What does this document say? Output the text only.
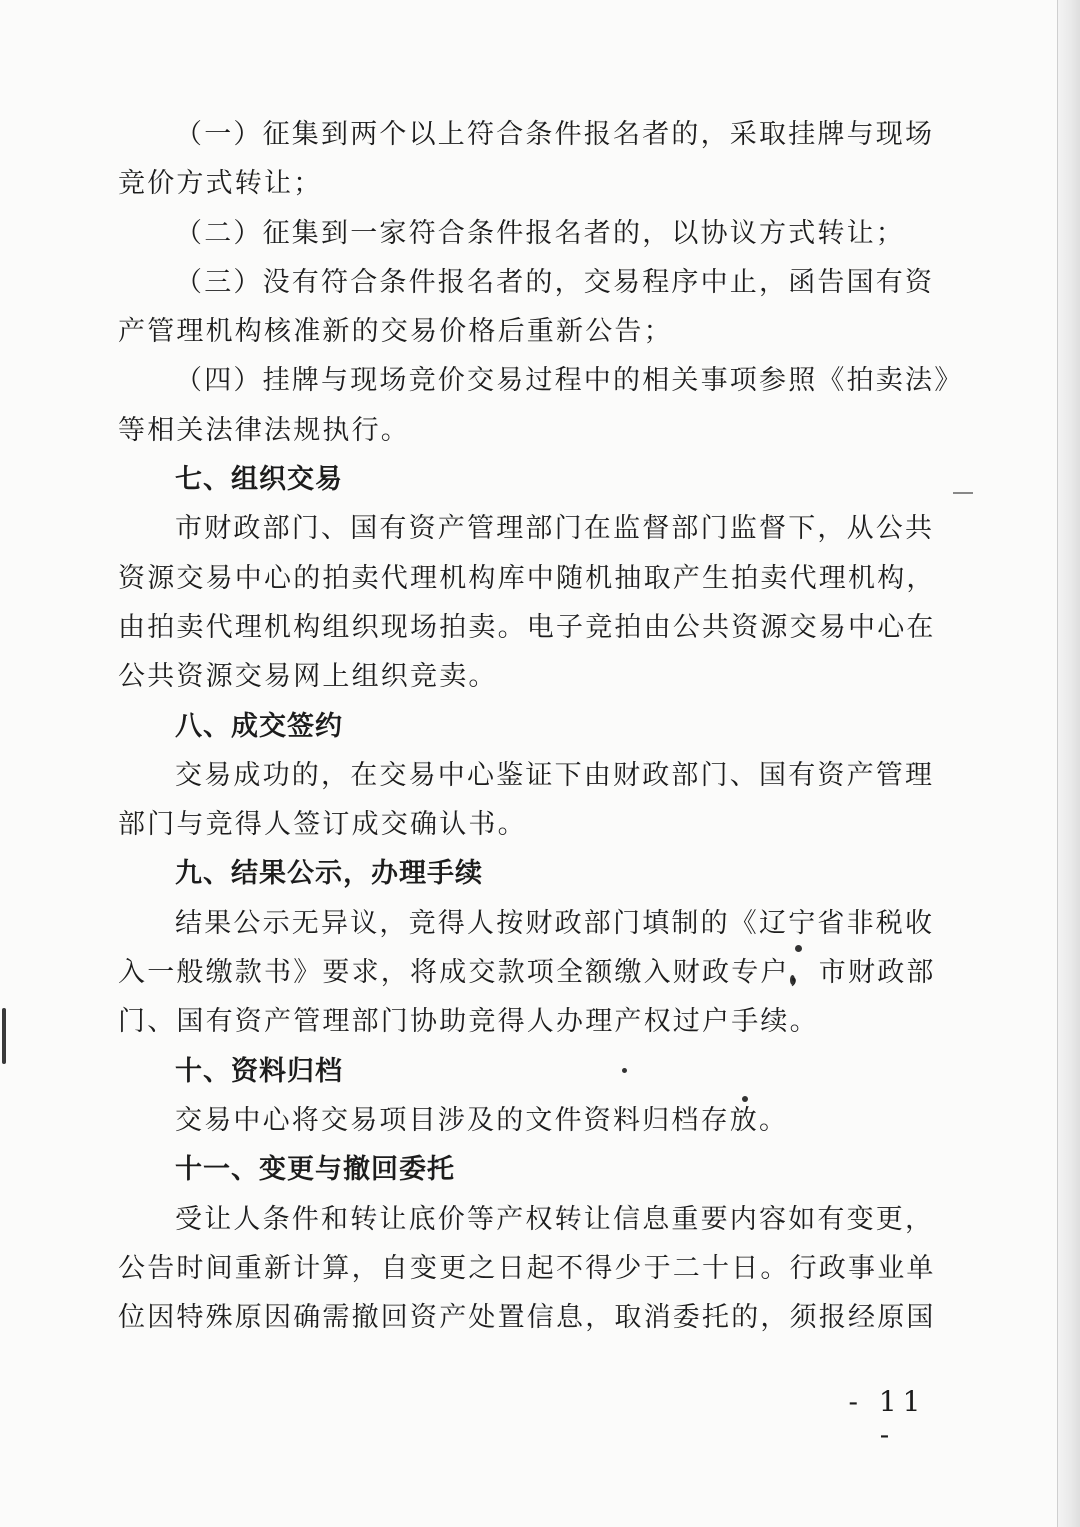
（一）征集到两个以上符合条件报名者的，采取挂牌与现场
竞价方式转让；
（二）征集到一家符合条件报名者的，以协议方式转让；
（三）没有符合条件报名者的，交易程序中止，函告国有资
产管理机构核准新的交易价格后重新公告；
（四）挂牌与现场竞价交易过程中的相关事项参照《拍卖法》
等相关法律法规执行。
七、组织交易
市财政部门、国有资产管理部门在监督部门监督下，从公共
资源交易中心的拍卖代理机构库中随机抽取产生拍卖代理机构，
由拍卖代理机构组织现场拍卖。电子竞拍由公共资源交易中心在
公共资源交易网上组织竞卖。
八、成交签约
交易成功的，在交易中心鉴证下由财政部门、国有资产管理
部门与竞得人签订成交确认书。
九、结果公示，办理手续
结果公示无异议，竞得人按财政部门填制的《辽宁省非税收
入一般缴款书》要求，将成交款项全额缴入财政专户，市财政部
门、国有资产管理部门协助竞得人办理产权过户手续。
十、资料归档
交易中心将交易项目涉及的文件资料归档存放。
十一、变更与撤回委托
受让人条件和转让底价等产权转让信息重要内容如有变更，
公告时间重新计算，自变更之日起不得少于二十日。行政事业单
位因特殊原因确需撤回资产处置信息，取消委托的，须报经原国
- 11 -
